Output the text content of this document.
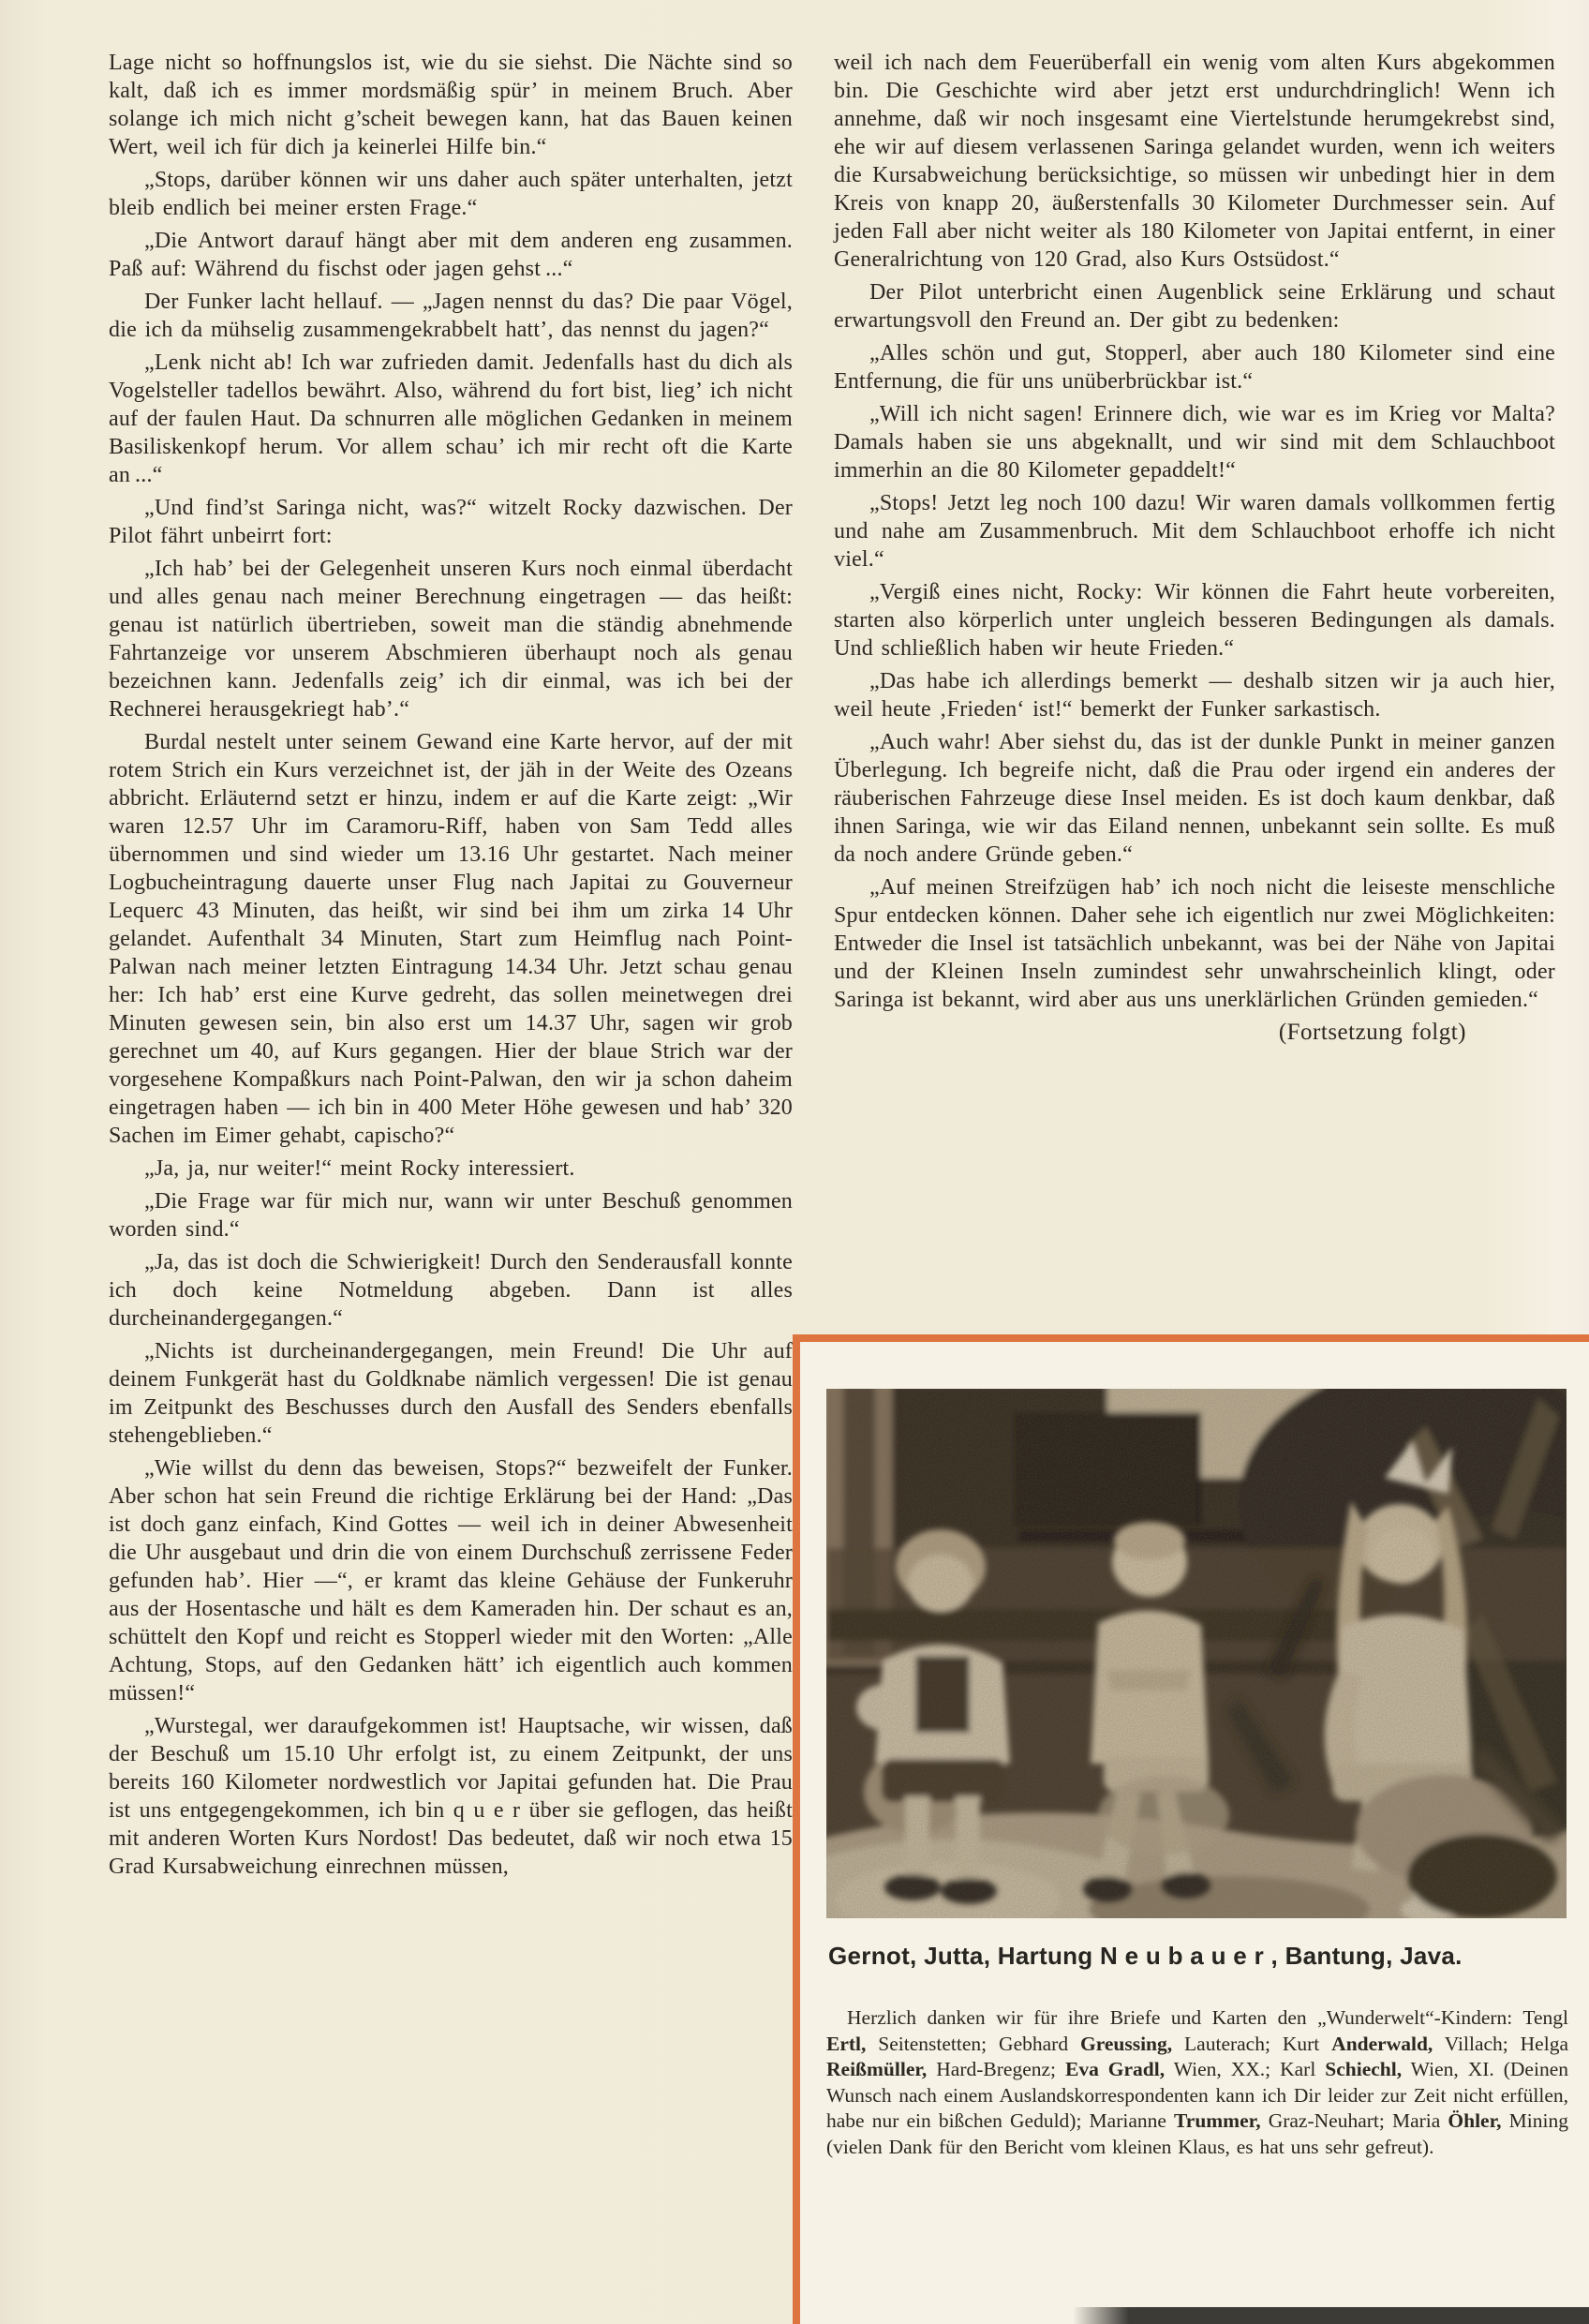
Lage nicht so hoffnungslos ist, wie du sie siehst. Die Nächte sind so kalt, daß ich es immer mordsmäßig spür’ in meinem Bruch. Aber solange ich mich nicht g’scheit bewegen kann, hat das Bauen keinen Wert, weil ich für dich ja keinerlei Hilfe bin.“

„Stops, darüber können wir uns daher auch später unterhalten, jetzt bleib endlich bei meiner ersten Frage.“

„Die Antwort darauf hängt aber mit dem anderen eng zusammen. Paß auf: Während du fischst oder jagen gehst ...“

Der Funker lacht hellauf. — „Jagen nennst du das? Die paar Vögel, die ich da mühselig zusammengekrabbelt hatt’, das nennst du jagen?“

„Lenk nicht ab! Ich war zufrieden damit. Jedenfalls hast du dich als Vogelsteller tadellos bewährt. Also, während du fort bist, lieg’ ich nicht auf der faulen Haut. Da schnurren alle möglichen Gedanken in meinem Basiliskenkopf herum. Vor allem schau’ ich mir recht oft die Karte an ...“

„Und find’st Saringa nicht, was?“ witzelt Rocky dazwischen. Der Pilot fährt unbeirrt fort:

„Ich hab’ bei der Gelegenheit unseren Kurs noch einmal überdacht und alles genau nach meiner Berechnung eingetragen — das heißt: genau ist natürlich übertrieben, soweit man die ständig abnehmende Fahrtanzeige vor unserem Abschmieren überhaupt noch als genau bezeichnen kann. Jedenfalls zeig’ ich dir einmal, was ich bei der Rechnerei herausgekriegt hab’.“

Burdal nestelt unter seinem Gewand eine Karte hervor, auf der mit rotem Strich ein Kurs verzeichnet ist, der jäh in der Weite des Ozeans abbricht. Erläuternd setzt er hinzu, indem er auf die Karte zeigt: „Wir waren 12.57 Uhr im Caramoru-Riff, haben von Sam Tedd alles übernommen und sind wieder um 13.16 Uhr gestartet. Nach meiner Logbucheintragung dauerte unser Flug nach Japitai zu Gouverneur Lequerc 43 Minuten, das heißt, wir sind bei ihm um zirka 14 Uhr gelandet. Aufenthalt 34 Minuten, Start zum Heimflug nach Point-Palwan nach meiner letzten Eintragung 14.34 Uhr. Jetzt schau genau her: Ich hab’ erst eine Kurve gedreht, das sollen meinetwegen drei Minuten gewesen sein, bin also erst um 14.37 Uhr, sagen wir grob gerechnet um 40, auf Kurs gegangen. Hier der blaue Strich war der vorgesehene Kompaßkurs nach Point-Palwan, den wir ja schon daheim eingetragen haben — ich bin in 400 Meter Höhe gewesen und hab’ 320 Sachen im Eimer gehabt, capischo?“

„Ja, ja, nur weiter!“ meint Rocky interessiert.

„Die Frage war für mich nur, wann wir unter Beschuß genommen worden sind.“

„Ja, das ist doch die Schwierigkeit! Durch den Senderausfall konnte ich doch keine Notmeldung abgeben. Dann ist alles durcheinandergegangen.“

„Nichts ist durcheinandergegangen, mein Freund! Die Uhr auf deinem Funkgerät hast du Goldknabe nämlich vergessen! Die ist genau im Zeitpunkt des Beschusses durch den Ausfall des Senders ebenfalls stehengeblieben.“

„Wie willst du denn das beweisen, Stops?“ bezweifelt der Funker. Aber schon hat sein Freund die richtige Erklärung bei der Hand: „Das ist doch ganz einfach, Kind Gottes — weil ich in deiner Abwesenheit die Uhr ausgebaut und drin die von einem Durchschuß zerrissene Feder gefunden hab’. Hier —“, er kramt das kleine Gehäuse der Funkeruhr aus der Hosentasche und hält es dem Kameraden hin. Der schaut es an, schüttelt den Kopf und reicht es Stopperl wieder mit den Worten: „Alle Achtung, Stops, auf den Gedanken hätt’ ich eigentlich auch kommen müssen!“

„Wurstegal, wer daraufgekommen ist! Hauptsache, wir wissen, daß der Beschuß um 15.10 Uhr erfolgt ist, zu einem Zeitpunkt, der uns bereits 160 Kilometer nordwestlich vor Japitai gefunden hat. Die Prau ist uns entgegengekommen, ich bin q u e r über sie geflogen, das heißt mit anderen Worten Kurs Nordost! Das bedeutet, daß wir noch etwa 15 Grad Kursabweichung einrechnen müssen,

weil ich nach dem Feuerüberfall ein wenig vom alten Kurs abgekommen bin. Die Geschichte wird aber jetzt erst undurchdringlich! Wenn ich annehme, daß wir noch insgesamt eine Viertelstunde herumgekrebst sind, ehe wir auf diesem verlassenen Saringa gelandet wurden, wenn ich weiters die Kursabweichung berücksichtige, so müssen wir unbedingt hier in dem Kreis von knapp 20, äußerstenfalls 30 Kilometer Durchmesser sein. Auf jeden Fall aber nicht weiter als 180 Kilometer von Japitai entfernt, in einer Generalrichtung von 120 Grad, also Kurs Ostsüdost.“

Der Pilot unterbricht einen Augenblick seine Erklärung und schaut erwartungsvoll den Freund an. Der gibt zu bedenken:

„Alles schön und gut, Stopperl, aber auch 180 Kilometer sind eine Entfernung, die für uns unüberbrückbar ist.“

„Will ich nicht sagen! Erinnere dich, wie war es im Krieg vor Malta? Damals haben sie uns abgeknallt, und wir sind mit dem Schlauchboot immerhin an die 80 Kilometer gepaddelt!“

„Stops! Jetzt leg noch 100 dazu! Wir waren damals vollkommen fertig und nahe am Zusammenbruch. Mit dem Schlauchboot erhoffe ich nicht viel.“

„Vergiß eines nicht, Rocky: Wir können die Fahrt heute vorbereiten, starten also körperlich unter ungleich besseren Bedingungen als damals. Und schließlich haben wir heute Frieden.“

„Das habe ich allerdings bemerkt — deshalb sitzen wir ja auch hier, weil heute ‚Frieden‘ ist!“ bemerkt der Funker sarkastisch.

„Auch wahr! Aber siehst du, das ist der dunkle Punkt in meiner ganzen Überlegung. Ich begreife nicht, daß die Prau oder irgend ein anderes der räuberischen Fahrzeuge diese Insel meiden. Es ist doch kaum denkbar, daß ihnen Saringa, wie wir das Eiland nennen, unbekannt sein sollte. Es muß da noch andere Gründe geben.“

„Auf meinen Streifzügen hab’ ich noch nicht die leiseste menschliche Spur entdecken können. Daher sehe ich eigentlich nur zwei Möglichkeiten: Entweder die Insel ist tatsächlich unbekannt, was bei der Nähe von Japitai und der Kleinen Inseln zumindest sehr unwahrscheinlich klingt, oder Saringa ist bekannt, wird aber aus uns unerklärlichen Gründen gemieden.“

(Fortsetzung folgt)

Gernot, Jutta, Hartung N e u b a u e r , Bantung, Java.
Herzlich danken wir für ihre Briefe und Karten den „Wunderwelt“-Kindern: Tengl Ertl, Seitenstetten; Gebhard Greussing, Lauterach; Kurt Anderwald, Villach; Helga Reißmüller, Hard-Bregenz; Eva Gradl, Wien, XX.; Karl Schiechl, Wien, XI. (Deinen Wunsch nach einem Auslandskorrespondenten kann ich Dir leider zur Zeit nicht erfüllen, habe nur ein bißchen Geduld); Marianne Trummer, Graz-Neuhart; Maria Öhler, Mining (vielen Dank für den Bericht vom kleinen Klaus, es hat uns sehr gefreut).
